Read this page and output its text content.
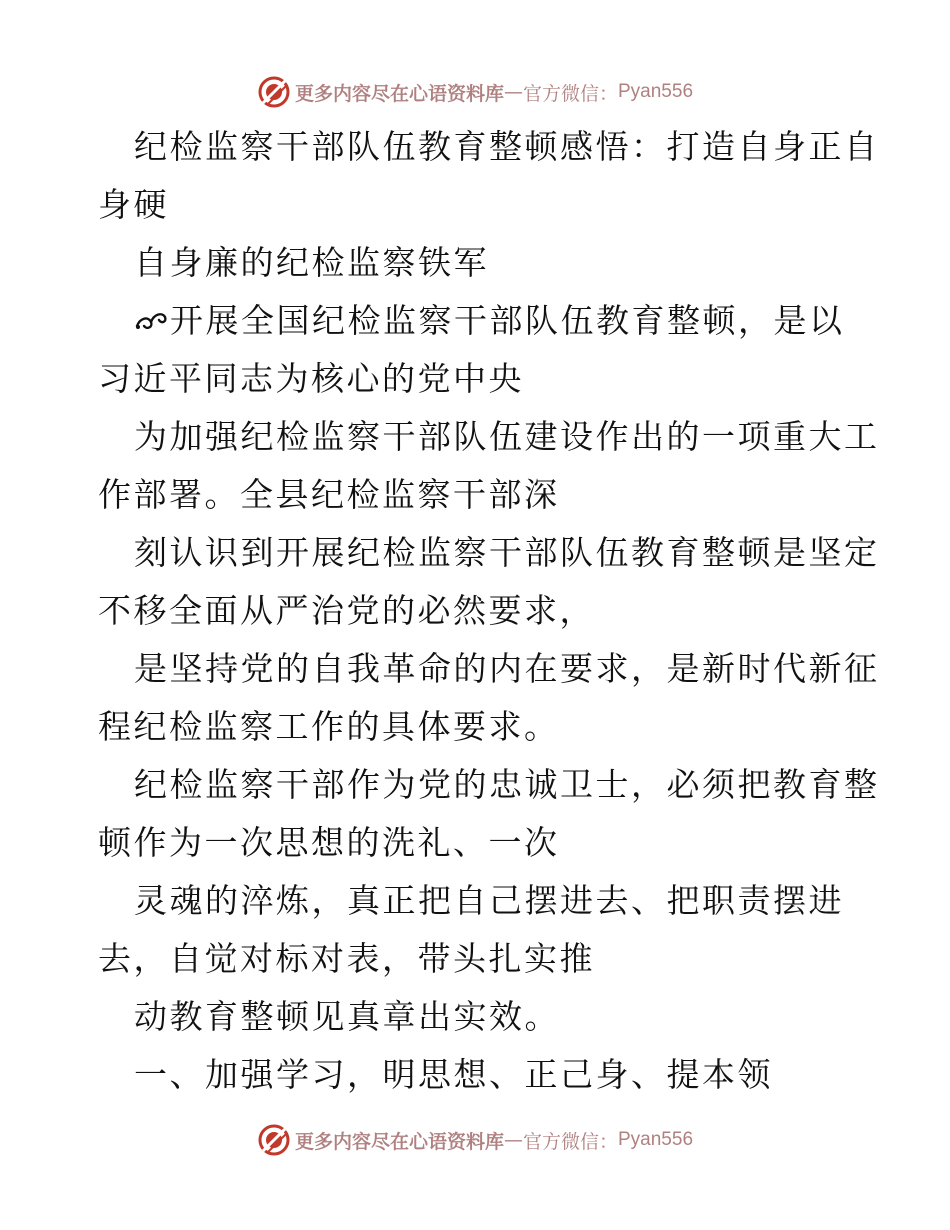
更多内容尽在心语资料库 — 官方微信： Pyan556

纪检监察干部队伍教育整顿感悟：打造自身正自
身硬

自身廉的纪检监察铁军

开展全国纪检监察干部队伍教育整顿，是以
习近平同志为核心的党中央

为加强纪检监察干部队伍建设作出的一项重大工
作部署。全县纪检监察干部深

刻认识到开展纪检监察干部队伍教育整顿是坚定
不移全面从严治党的必然要求，

是坚持党的自我革命的内在要求，是新时代新征
程纪检监察工作的具体要求。

纪检监察干部作为党的忠诚卫士，必须把教育整
顿作为一次思想的洗礼、一次

灵魂的淬炼，真正把自己摆进去、把职责摆进
去，自觉对标对表，带头扎实推

动教育整顿见真章出实效。

一、加强学习，明思想、正己身、提本领

更多内容尽在心语资料库 — 官方微信： Pyan556
